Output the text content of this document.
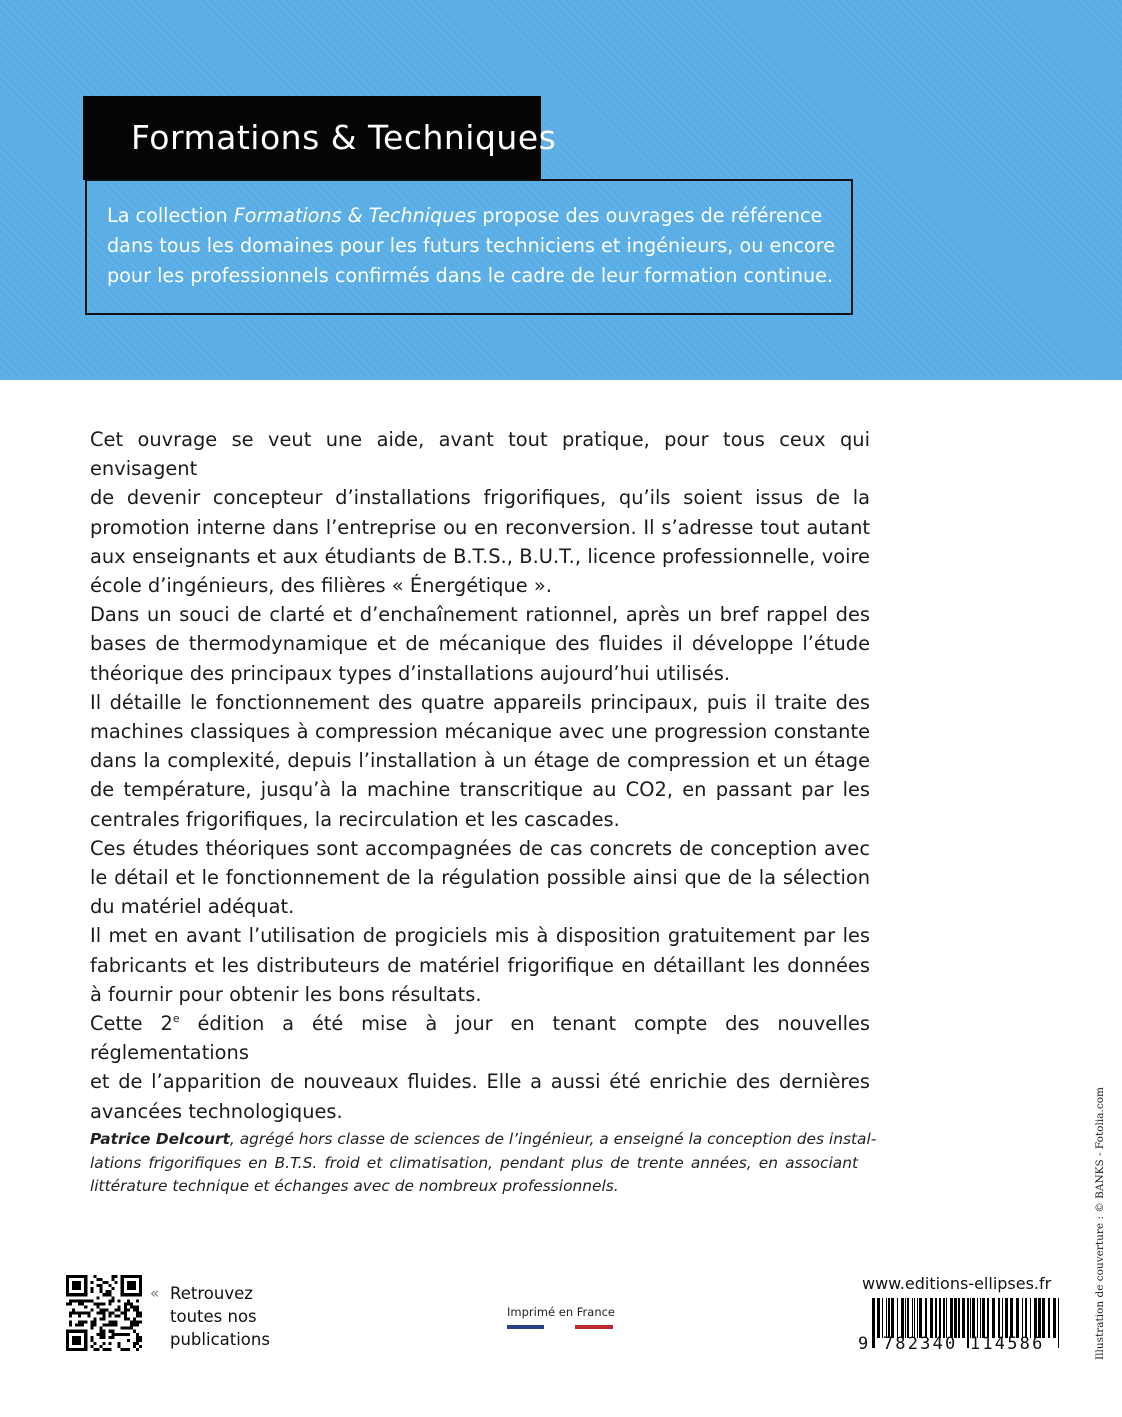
Formations & Techniques
La collection Formations & Techniques propose des ouvrages de référence
dans tous les domaines pour les futurs techniciens et ingénieurs, ou encore
pour les professionnels confirmés dans le cadre de leur formation continue.
Cet ouvrage se veut une aide, avant tout pratique, pour tous ceux qui envisagent
de devenir concepteur d’installations frigorifiques, qu’ils soient issus de la
promotion interne dans l’entreprise ou en reconversion. Il s’adresse tout autant
aux enseignants et aux étudiants de B.T.S., B.U.T., licence professionnelle, voire
école d’ingénieurs, des filières « Énergétique ».
Dans un souci de clarté et d’enchaînement rationnel, après un bref rappel des
bases de thermodynamique et de mécanique des fluides il développe l’étude
théorique des principaux types d’installations aujourd’hui utilisés.
Il détaille le fonctionnement des quatre appareils principaux, puis il traite des
machines classiques à compression mécanique avec une progression constante
dans la complexité, depuis l’installation à un étage de compression et un étage
de température, jusqu’à la machine transcritique au CO2, en passant par les
centrales frigorifiques, la recirculation et les cascades.
Ces études théoriques sont accompagnées de cas concrets de conception avec
le détail et le fonctionnement de la régulation possible ainsi que de la sélection
du matériel adéquat.
Il met en avant l’utilisation de progiciels mis à disposition gratuitement par les
fabricants et les distributeurs de matériel frigorifique en détaillant les données
à fournir pour obtenir les bons résultats.
Cette 2e édition a été mise à jour en tenant compte des nouvelles réglementations
et de l’apparition de nouveaux fluides. Elle a aussi été enrichie des dernières
avancées technologiques.
Patrice Delcourt, agrégé hors classe de sciences de l’ingénieur, a enseigné la conception des instal-
lations frigorifiques en B.T.S. froid et climatisation, pendant plus de trente années, en associant
littérature technique et échanges avec de nombreux professionnels.
« Retrouvez
toutes nos
publications
Imprimé en France
www.editions-ellipses.fr
9 782340 114586	Illustration de couverture : © BANKS - Fotolia.com
